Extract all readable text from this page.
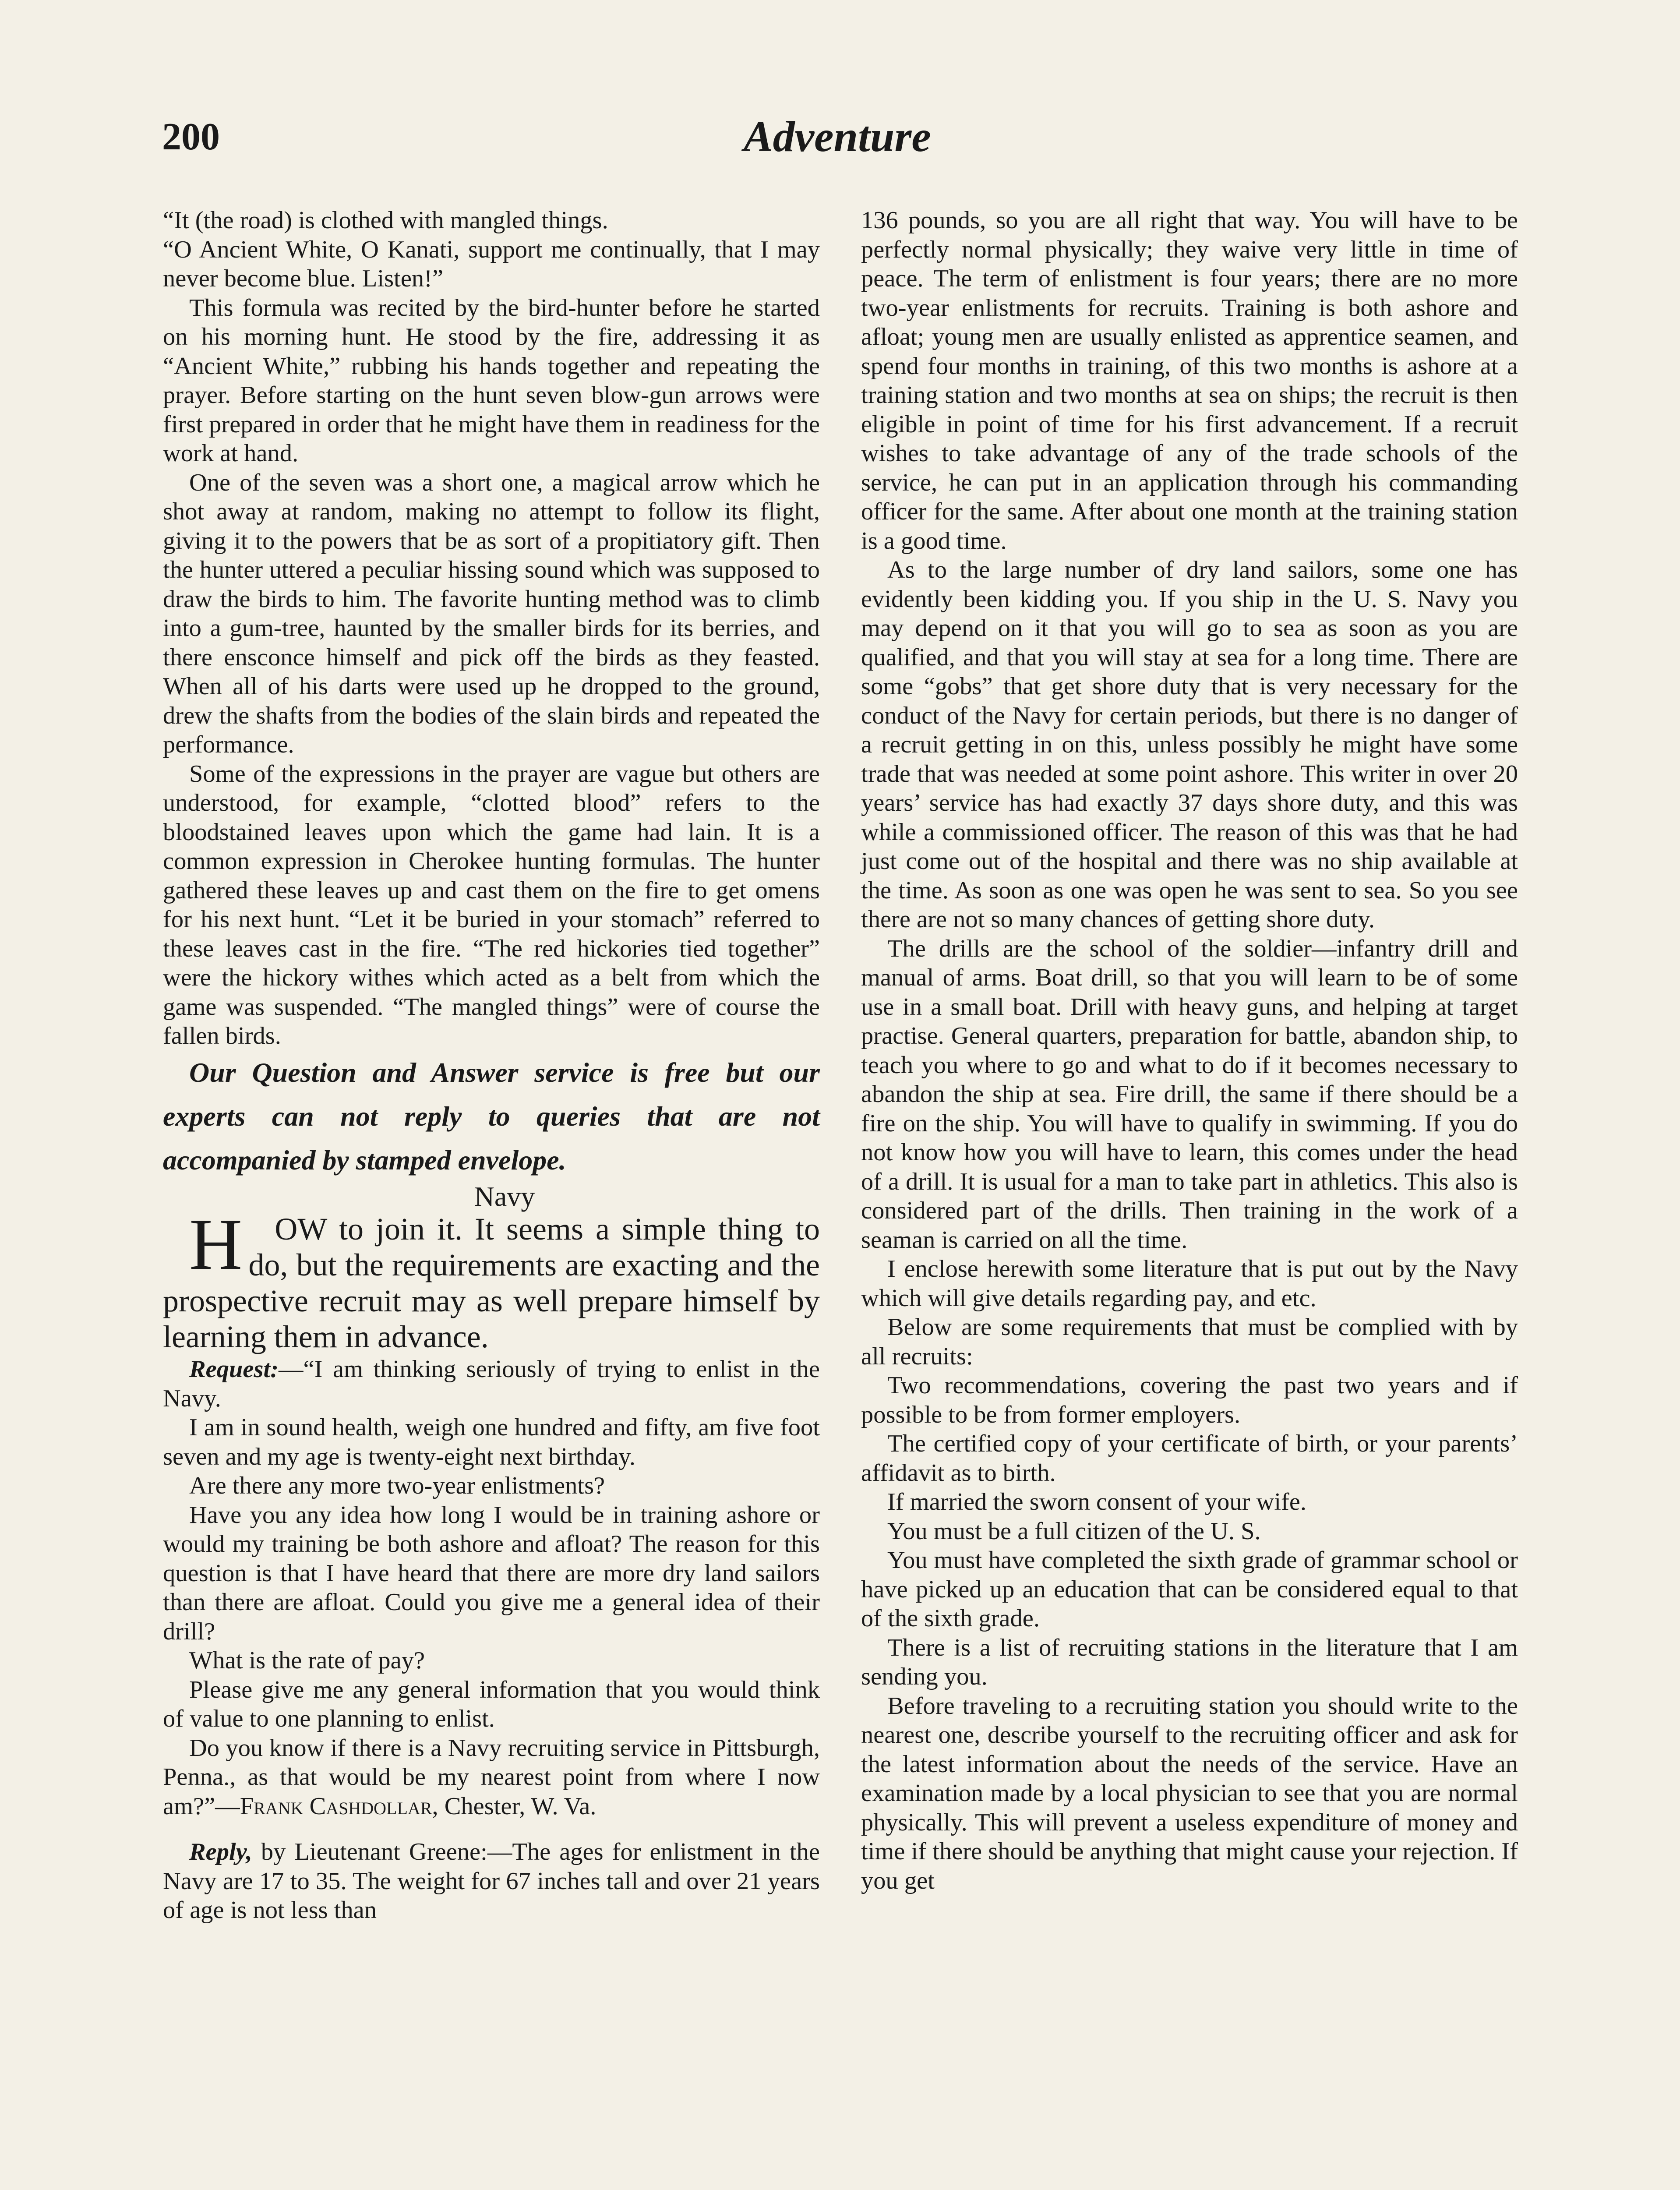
200	Adventure

“It (the road) is clothed with mangled things.

“O Ancient White, O Kanati, support me continually, that I may never become blue. Listen!”

This formula was recited by the bird-hunter before he started on his morning hunt. He stood by the fire, addressing it as “Ancient White,” rubbing his hands together and repeating the prayer. Before starting on the hunt seven blow-gun arrows were first prepared in order that he might have them in readiness for the work at hand.

One of the seven was a short one, a magical arrow which he shot away at random, making no attempt to follow its flight, giving it to the powers that be as sort of a propitiatory gift. Then the hunter uttered a peculiar hissing sound which was supposed to draw the birds to him. The favorite hunting method was to climb into a gum-tree, haunted by the smaller birds for its berries, and there ensconce himself and pick off the birds as they feasted. When all of his darts were used up he dropped to the ground, drew the shafts from the bodies of the slain birds and repeated the performance.

Some of the expressions in the prayer are vague but others are understood, for example, “clotted blood” refers to the bloodstained leaves upon which the game had lain. It is a common expression in Cherokee hunting formulas. The hunter gathered these leaves up and cast them on the fire to get omens for his next hunt. “Let it be buried in your stomach” referred to these leaves cast in the fire. “The red hickories tied together” were the hickory withes which acted as a belt from which the game was suspended. “The mangled things” were of course the fallen birds.

Our Question and Answer service is free but our experts can not reply to queries that are not accompanied by stamped envelope.

Navy

H OW to join it. It seems a simple thing to do, but the requirements are exacting and the prospective recruit may as well prepare himself by learning them in advance.

Request:—“I am thinking seriously of trying to enlist in the Navy.

I am in sound health, weigh one hundred and fifty, am five foot seven and my age is twenty-eight next birthday.

Are there any more two-year enlistments?

Have you any idea how long I would be in training ashore or would my training be both ashore and afloat? The reason for this question is that I have heard that there are more dry land sailors than there are afloat. Could you give me a general idea of their drill?

What is the rate of pay?

Please give me any general information that you would think of value to one planning to enlist.

Do you know if there is a Navy recruiting service in Pittsburgh, Penna., as that would be my nearest point from where I now am?”—Frank Cashdollar, Chester, W. Va.

Reply, by Lieutenant Greene:—The ages for enlistment in the Navy are 17 to 35. The weight for 67 inches tall and over 21 years of age is not less than

136 pounds, so you are all right that way. You will have to be perfectly normal physically; they waive very little in time of peace. The term of enlistment is four years; there are no more two-year enlistments for recruits. Training is both ashore and afloat; young men are usually enlisted as apprentice seamen, and spend four months in training, of this two months is ashore at a training station and two months at sea on ships; the recruit is then eligible in point of time for his first advancement. If a recruit wishes to take advantage of any of the trade schools of the service, he can put in an application through his commanding officer for the same. After about one month at the training station is a good time.

As to the large number of dry land sailors, some one has evidently been kidding you. If you ship in the U. S. Navy you may depend on it that you will go to sea as soon as you are qualified, and that you will stay at sea for a long time. There are some “gobs” that get shore duty that is very necessary for the conduct of the Navy for certain periods, but there is no danger of a recruit getting in on this, unless possibly he might have some trade that was needed at some point ashore. This writer in over 20 years’ service has had exactly 37 days shore duty, and this was while a commissioned officer. The reason of this was that he had just come out of the hospital and there was no ship available at the time. As soon as one was open he was sent to sea. So you see there are not so many chances of getting shore duty.

The drills are the school of the soldier—infantry drill and manual of arms. Boat drill, so that you will learn to be of some use in a small boat. Drill with heavy guns, and helping at target practise. General quarters, preparation for battle, abandon ship, to teach you where to go and what to do if it becomes necessary to abandon the ship at sea. Fire drill, the same if there should be a fire on the ship. You will have to qualify in swimming. If you do not know how you will have to learn, this comes under the head of a drill. It is usual for a man to take part in athletics. This also is considered part of the drills. Then training in the work of a seaman is carried on all the time.

I enclose herewith some literature that is put out by the Navy which will give details regarding pay, and etc.

Below are some requirements that must be complied with by all recruits:

Two recommendations, covering the past two years and if possible to be from former employers.

The certified copy of your certificate of birth, or your parents’ affidavit as to birth.

If married the sworn consent of your wife.

You must be a full citizen of the U. S.

You must have completed the sixth grade of grammar school or have picked up an education that can be considered equal to that of the sixth grade.

There is a list of recruiting stations in the literature that I am sending you.

Before traveling to a recruiting station you should write to the nearest one, describe yourself to the recruiting officer and ask for the latest information about the needs of the service. Have an examination made by a local physician to see that you are normal physically. This will prevent a useless expenditure of money and time if there should be anything that might cause your rejection. If you get
